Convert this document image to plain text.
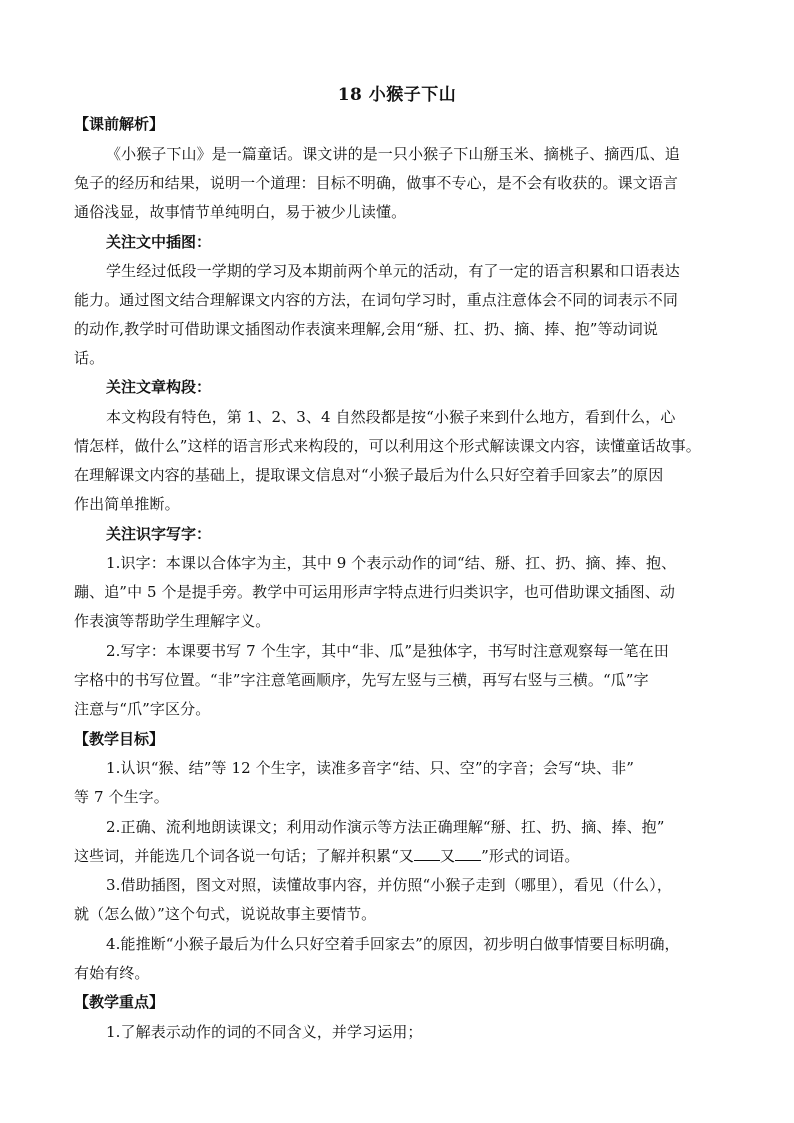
18 小猴子下山
【课前解析】
《小猴子下山》是一篇童话。课文讲的是一只小猴子下山掰玉米、摘桃子、摘西瓜、追
兔子的经历和结果，说明一个道理：目标不明确，做事不专心，是不会有收获的。课文语言
通俗浅显，故事情节单纯明白，易于被少儿读懂。
关注文中插图：
学生经过低段一学期的学习及本期前两个单元的活动，有了一定的语言积累和口语表达
能力。通过图文结合理解课文内容的方法，在词句学习时，重点注意体会不同的词表示不同
的动作,教学时可借助课文插图动作表演来理解,会用“掰、扛、扔、摘、捧、抱”等动词说
话。
关注文章构段：
本文构段有特色，第 1、2、3、4 自然段都是按“小猴子来到什么地方，看到什么，心
情怎样，做什么”这样的语言形式来构段的，可以利用这个形式解读课文内容，读懂童话故事。
在理解课文内容的基础上，提取课文信息对“小猴子最后为什么只好空着手回家去”的原因
作出简单推断。
关注识字写字：
1.识字：本课以合体字为主，其中 9 个表示动作的词“结、掰、扛、扔、摘、捧、抱、
蹦、追”中 5 个是提手旁。教学中可运用形声字特点进行归类识字，也可借助课文插图、动
作表演等帮助学生理解字义。
2.写字：本课要书写 7 个生字，其中“非、瓜”是独体字，书写时注意观察每一笔在田
字格中的书写位置。“非”字注意笔画顺序，先写左竖与三横，再写右竖与三横。“瓜”字
注意与“爪”字区分。
【教学目标】
1.认识“猴、结”等 12 个生字，读准多音字“结、只、空”的字音；会写“块、非”
等 7 个生字。
2.正确、流利地朗读课文；利用动作演示等方法正确理解“掰、扛、扔、摘、捧、抱”
这些词，并能选几个词各说一句话；了解并积累“又 又 ”形式的词语。
3.借助插图，图文对照，读懂故事内容，并仿照“小猴子走到（哪里），看见（什么），
就（怎么做）”这个句式，说说故事主要情节。
4.能推断“小猴子最后为什么只好空着手回家去”的原因，初步明白做事情要目标明确，
有始有终。
【教学重点】
1.了解表示动作的词的不同含义，并学习运用；
